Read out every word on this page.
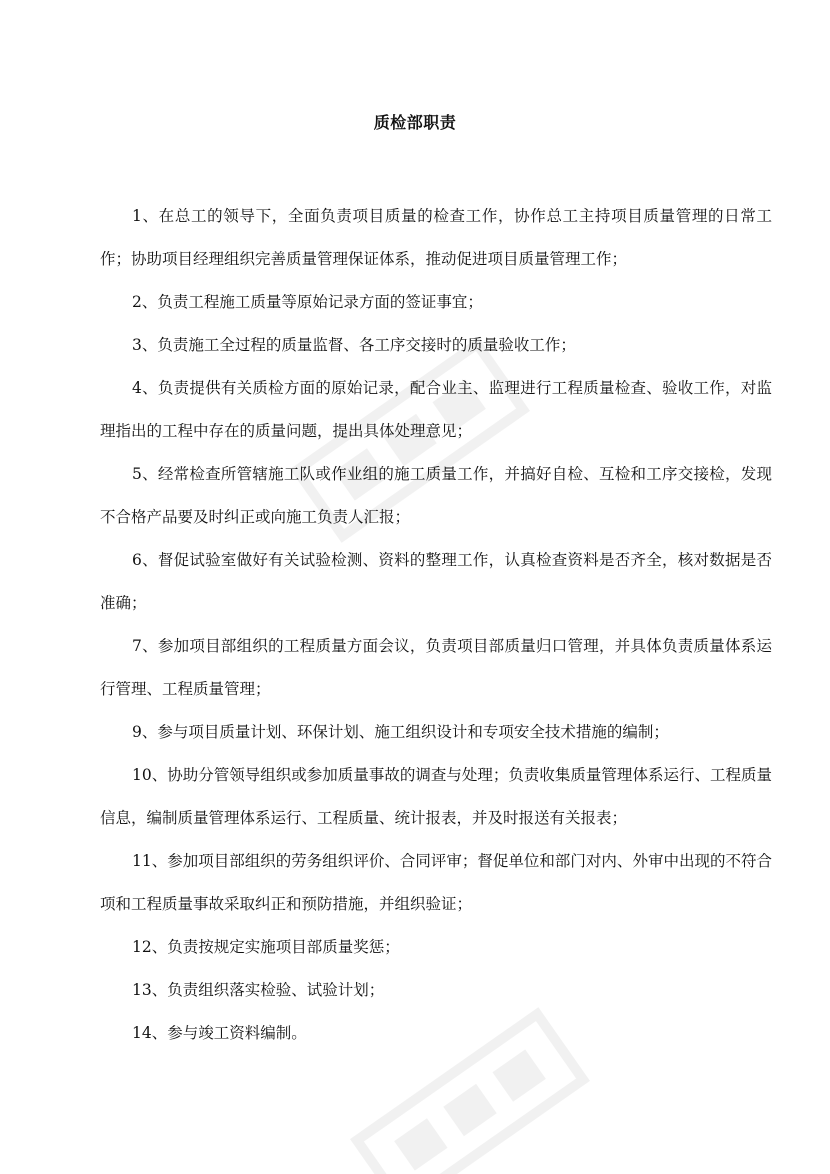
质检部职责

1、在总工的领导下，全面负责项目质量的检查工作，协作总工主持项目质量管理的日常工作；协助项目经理组织完善质量管理保证体系，推动促进项目质量管理工作；

2、负责工程施工质量等原始记录方面的签证事宜；

3、负责施工全过程的质量监督、各工序交接时的质量验收工作；

4、负责提供有关质检方面的原始记录，配合业主、监理进行工程质量检查、验收工作，对监理指出的工程中存在的质量问题，提出具体处理意见；

5、经常检查所管辖施工队或作业组的施工质量工作，并搞好自检、互检和工序交接检，发现不合格产品要及时纠正或向施工负责人汇报；

6、督促试验室做好有关试验检测、资料的整理工作，认真检查资料是否齐全，核对数据是否准确；

7、参加项目部组织的工程质量方面会议，负责项目部质量归口管理，并具体负责质量体系运行管理、工程质量管理；

9、参与项目质量计划、环保计划、施工组织设计和专项安全技术措施的编制；

10、协助分管领导组织或参加质量事故的调查与处理；负责收集质量管理体系运行、工程质量信息，编制质量管理体系运行、工程质量、统计报表，并及时报送有关报表；

11、参加项目部组织的劳务组织评价、合同评审；督促单位和部门对内、外审中出现的不符合项和工程质量事故采取纠正和预防措施，并组织验证；

12、负责按规定实施项目部质量奖惩；

13、负责组织落实检验、试验计划；

14、参与竣工资料编制。
